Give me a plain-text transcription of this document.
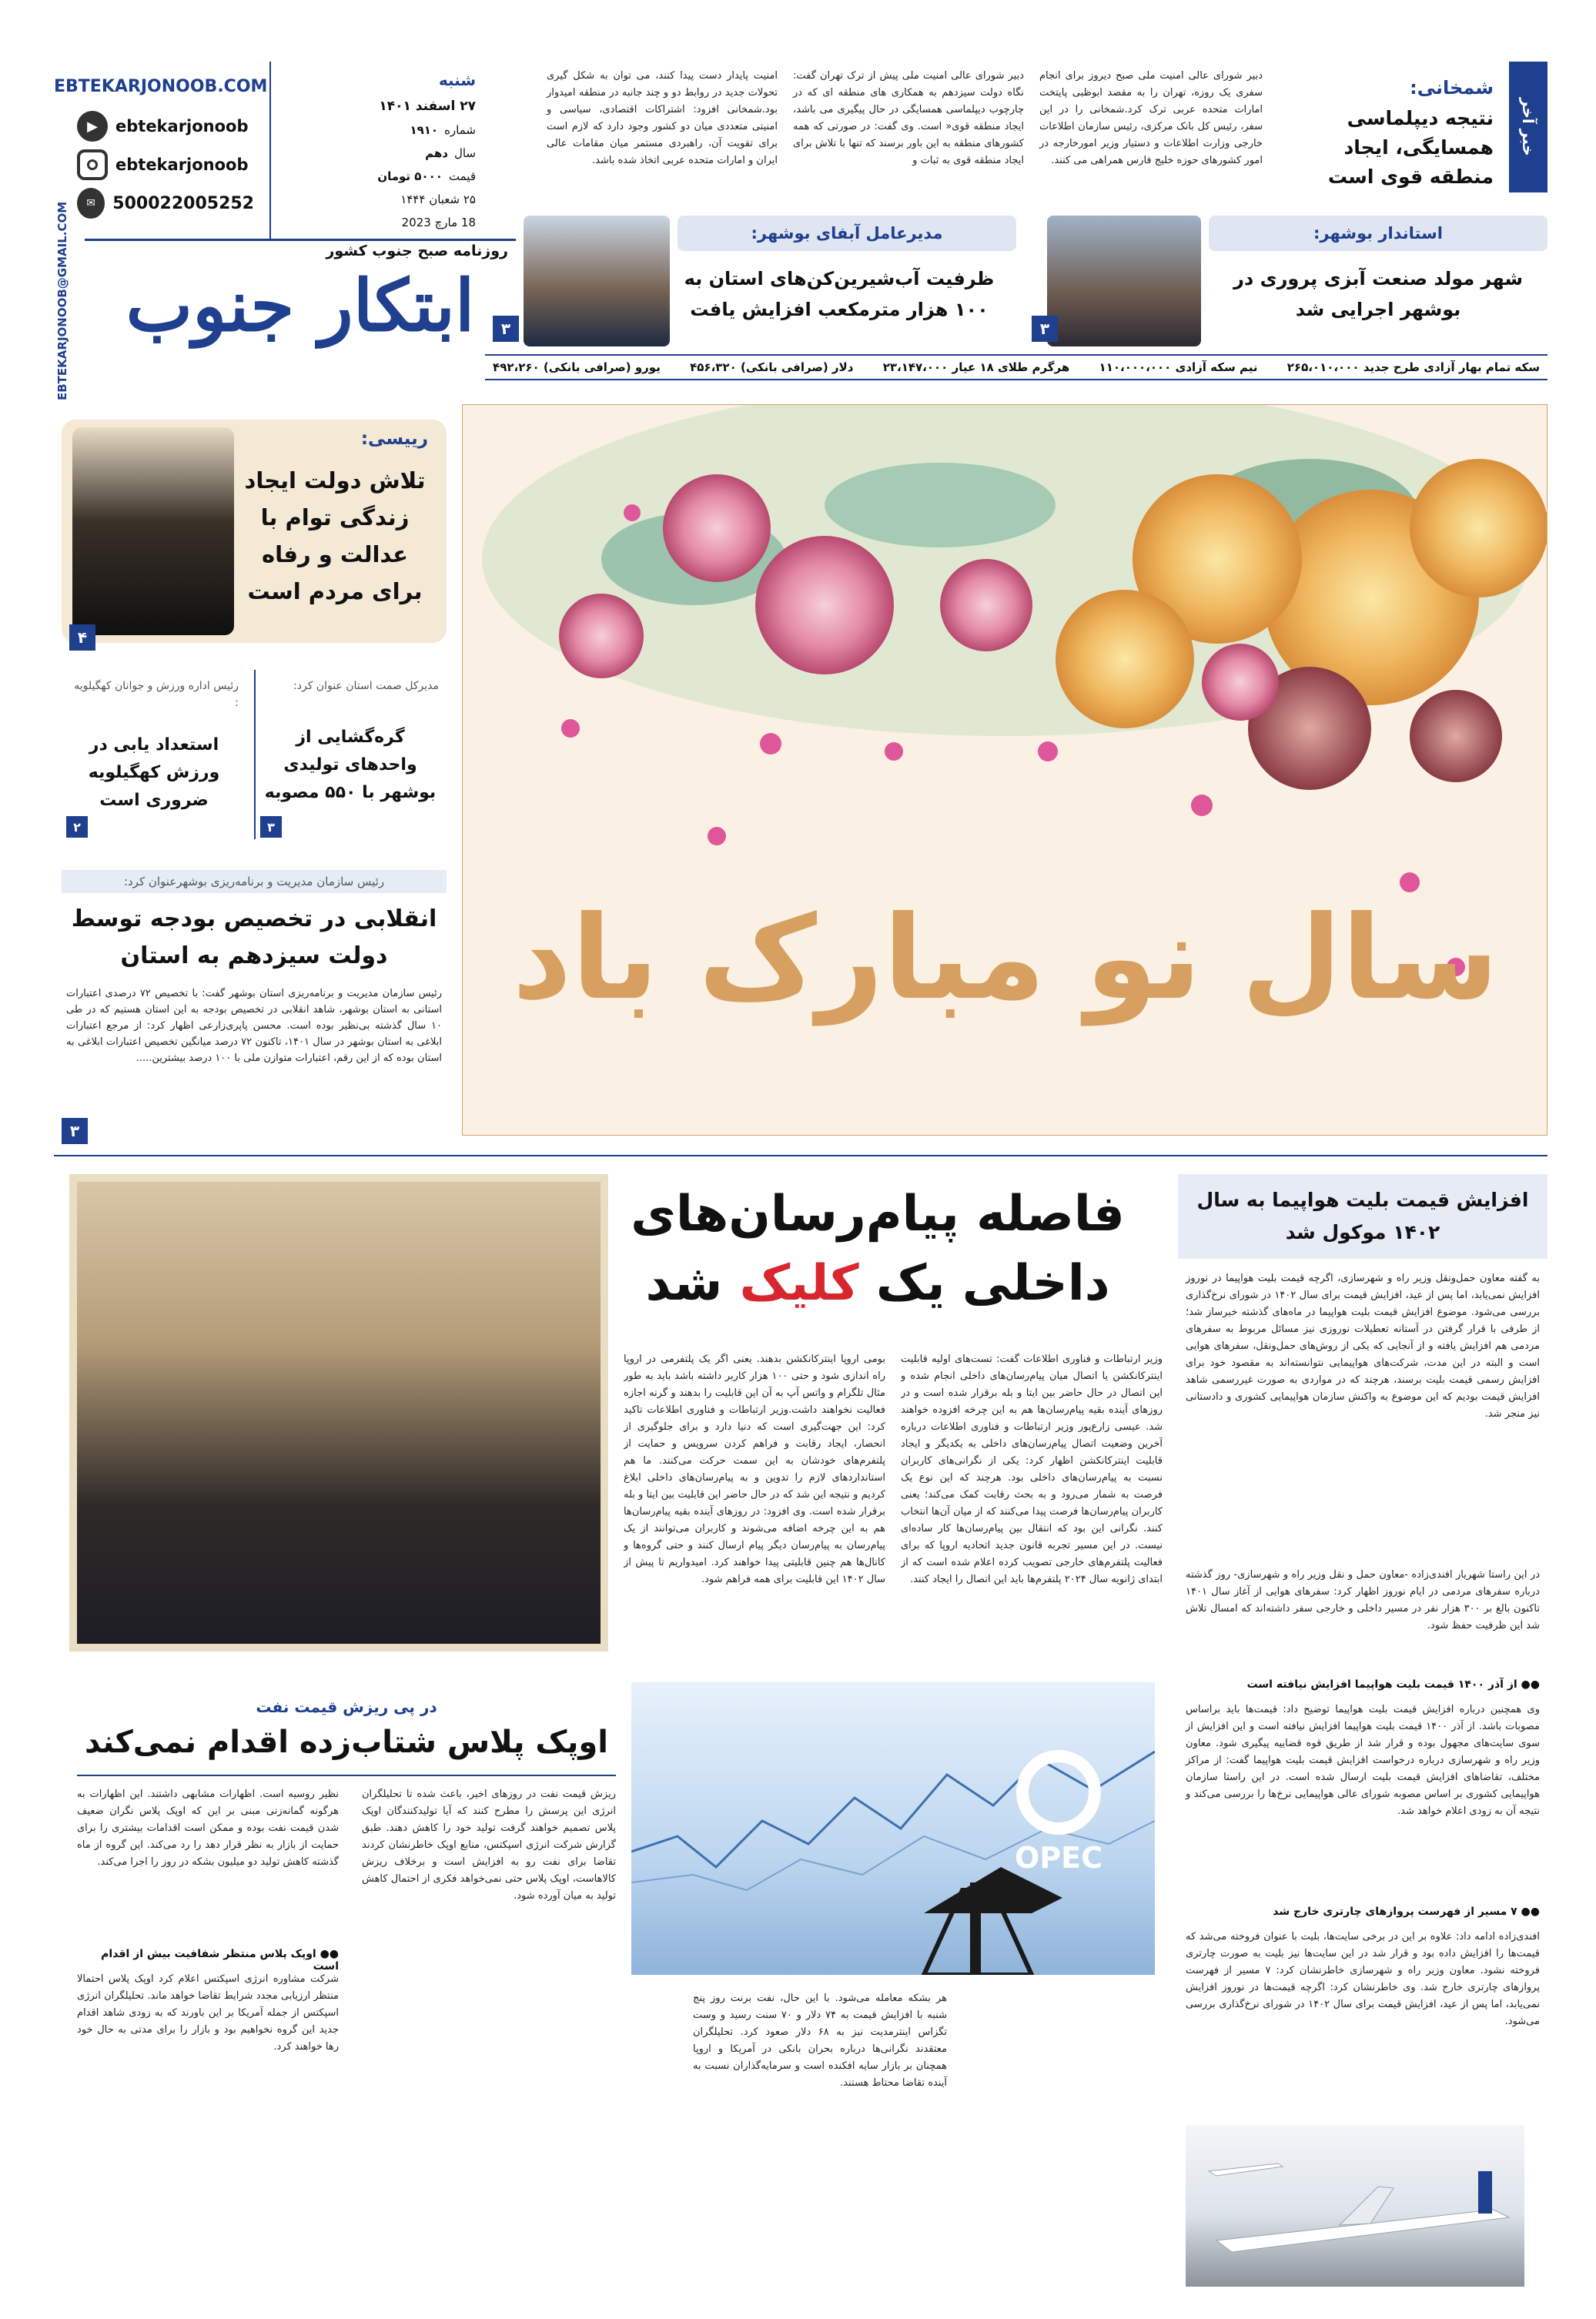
EBTEKARJONOOB.COM
▶	ebtekarjonoob
ebtekarjonoob
✉	500022005252
شنبه
۲۷ اسفند ۱۴۰۱
شماره
۱۹۱۰
سال
دهم
قیمت
۵۰۰۰ تومان
۲۵ شعبان ۱۴۴۴
18 مارچ 2023
ابتکار جنوب
روزنامه صبح جنوب کشور
EBTEKARJONOOB@GMAIL.COM
خبر آخر
شمخانی:
نتیجه دیپلماسی همسایگی، ایجاد منطقه قوی است
دبیر شورای عالی امنیت ملی صبح دیروز برای انجام سفری یک روزه، تهران را به مقصد ابوظبی پایتخت امارات متحده عربی ترک کرد.شمخانی را در این سفر، رئیس کل بانک مرکزی، رئیس سازمان اطلاعات خارجی وزارت اطلاعات و دستیار وزیر امورخارجه در امور کشورهای حوزه خلیج فارس همراهی می کنند.
دبیر شورای عالی امنیت ملی پیش از ترک تهران گفت: نگاه دولت سیزدهم به همکاری های منطقه ای که در چارچوب دیپلماسی همسایگی در حال پیگیری می باشد، ایجاد منطقه قوی« است. وی گفت: در صورتی که همه کشورهای منطقه به این باور برسند که تنها با تلاش برای ایجاد منطقه قوی به ثبات و
امنیت پایدار دست پیدا کنند، می توان به شکل گیری تحولات جدید در روابط دو و چند جانبه در منطقه امیدوار بود.شمخانی افزود: اشتراکات اقتصادی، سیاسی و امنیتی متعددی میان دو کشور وجود دارد که لازم است برای تقویت آن، راهبردی مستمر میان مقامات عالی ایران و امارات متحده عربی اتخاذ شده باشد.
استاندار بوشهر:
شهر مولد صنعت آبزی پروری در بوشهر اجرایی شد
۳
مدیرعامل آبفای بوشهر:
ظرفیت آب‌شیرین‌کن‌های استان به ۱۰۰ هزار مترمکعب افزایش یافت
۳
سکه تمام بهار آزادی طرح جدید ۲۶۵،۰۱۰،۰۰۰
نیم سکه آزادی ۱۱۰،۰۰۰،۰۰۰
هرگرم طلای ۱۸ عیار ۲۳،۱۴۷،۰۰۰
دلار (صرافی بانکی) ۴۵۶،۳۲۰
یورو (صرافی بانکی) ۴۹۲،۲۶۰
رییسی:
تلاش دولت ایجاد زندگی توام با عدالت و رفاه برای مردم است
۴
مدیرکل صمت استان عنوان کرد:
گره‌گشایی از واحدهای تولیدی بوشهر با ۵۵۰ مصوبه
۳
رئیس اداره ورزش و جوانان کهگیلویه :
استعداد یابی در ورزش کهگیلویه ضروری است
۲
رئیس سازمان مدیریت و برنامه‌ریزی بوشهرعنوان کرد:
انقلابی در تخصیص بودجه توسط دولت سیزدهم به استان
رئیس سازمان مدیریت و برنامه‌ریزی استان بوشهر گفت: با تخصیص ۷۲ درصدی اعتبارات استانی به استان بوشهر، شاهد انقلابی در تخصیص بودجه به این استان هستیم که در طی ۱۰ سال گذشته بی‌نظیر بوده است. محسن پاپری‌زارعی اظهار کرد: از مرجع اعتبارات ابلاغی به استان بوشهر در سال ۱۴۰۱، تاکنون ۷۲ درصد میانگین تخصیص اعتبارات ابلاغی به استان بوده که از این رقم، اعتبارات متوازن ملی با ۱۰۰ درصد بیشترین.....
۳
سال نو مبارک باد
فاصله پیام‌رسان‌های
داخلی یک کلیک شد
وزیر ارتباطات و فناوری اطلاعات گفت: تست‌های اولیه قابلیت اینترکانکشن یا اتصال میان پیام‌رسان‌های داخلی انجام شده و این اتصال در حال حاضر بین ایتا و بله برقرار شده است و در روزهای آینده بقیه پیام‌رسان‌ها هم به این چرخه افزوده خواهند شد. عیسی زارع‌پور وزیر ارتباطات و فناوری اطلاعات درباره آخرین وضعیت اتصال پیام‌رسان‌های داخلی به یکدیگر و ایجاد قابلیت اینترکانکشن اظهار کرد: یکی از نگرانی‌های کاربران نسبت به پیام‌رسان‌های داخلی بود. هرچند که این نوع یک فرصت به شمار می‌رود و به بحث رقابت کمک می‌کند؛ یعنی کاربران پیام‌رسان‌ها فرصت پیدا می‌کنند که از میان آن‌ها انتخاب کنند. نگرانی این بود که انتقال بین پیام‌رسان‌ها کار ساده‌ای نیست. در این مسیر تجربه قانون جدید اتحادیه اروپا که برای فعالیت پلتفرم‌های خارجی تصویب کرده اعلام شده است که از ابتدای ژانویه سال ۲۰۲۴ پلتفرم‌ها باید این اتصال را ایجاد کنند.
بومی اروپا اینترکانکشن بدهند. یعنی اگر یک پلتفرمی در اروپا راه اندازی شود و حتی ۱۰۰ هزار کاربر داشته باشد باید به طور مثال تلگرام و واتس آپ به آن این قابلیت را بدهند و گرنه اجازه فعالیت نخواهند داشت.وزیر ارتباطات و فناوری اطلاعات تاکید کرد: این جهت‌گیری است که دنیا دارد و برای جلوگیری از انحصار، ایجاد رقابت و فراهم کردن سرویس و حمایت از پلتفرم‌های خودشان به این سمت حرکت می‌کنند. ما هم استانداردهای لازم را تدوین و به پیام‌رسان‌های داخلی ابلاغ کردیم و نتیجه این شد که در حال حاضر این قابلیت بین ایتا و بله برقرار شده است. وی افزود: در روزهای آینده بقیه پیام‌رسان‌ها هم به این چرخه اضافه می‌شوند و کاربران می‌توانند از یک پیام‌رسان به پیام‌رسان دیگر پیام ارسال کنند و حتی گروه‌ها و کانال‌ها هم چنین قابلیتی پیدا خواهند کرد. امیدواریم تا پیش از سال ۱۴۰۲ این قابلیت برای همه فراهم شود.
افزایش قیمت بلیت هواپیما به سال ۱۴۰۲ موکول شد
به گفته معاون حمل‌ونقل وزیر راه و شهرسازی، اگرچه قیمت بلیت هواپیما در نوروز افزایش نمی‌یابد، اما پس از عید، افزایش قیمت برای سال ۱۴۰۲ در شورای نرخ‌گذاری بررسی می‌شود. موضوع افزایش قیمت بلیت هواپیما در ماه‌های گذشته خبرساز شد؛ از طرفی با قرار گرفتن در آستانه تعطیلات نوروزی نیز مسائل مربوط به سفرهای مردمی هم افزایش یافته و از آنجایی که یکی از روش‌های حمل‌ونقل، سفرهای هوایی است و البته در این مدت، شرکت‌های هواپیمایی نتوانسته‌اند به مقصود خود برای افزایش رسمی قیمت بلیت برسند، هرچند که در مواردی به صورت غیررسمی شاهد افزایش قیمت بودیم که این موضوع به واکنش سازمان هواپیمایی کشوری و دادستانی نیز منجر شد.
در این راستا شهریار افندی‌زاده -معاون حمل و نقل وزیر راه و شهرسازی- روز گذشته درباره سفرهای مردمی در ایام نوروز اظهار کرد: سفرهای هوایی از آغاز سال ۱۴۰۱ تاکنون بالغ بر ۳۰۰ هزار نفر در مسیر داخلی و خارجی سفر داشته‌اند که امسال تلاش شد این ظرفیت حفظ شود.
●● از آذر ۱۴۰۰ قیمت بلیت هواپیما افزایش نیافته است
وی همچنین درباره افزایش قیمت بلیت هواپیما توضیح داد: قیمت‌ها باید براساس مصوبات باشد. از آذر ۱۴۰۰ قیمت بلیت هواپیما افزایش نیافته است و این افزایش از سوی سایت‌های مجهول بوده و قرار شد از طریق قوه قضاییه پیگیری شود. معاون وزیر راه و شهرسازی درباره درخواست افزایش قیمت بلیت هواپیما گفت: از مراکز مختلف، تقاضاهای افزایش قیمت بلیت ارسال شده است. در این راستا سازمان هواپیمایی کشوری بر اساس مصوبه شورای عالی هواپیمایی نرخ‌ها را بررسی می‌کند و نتیجه آن به زودی اعلام خواهد شد.
●● ۷ مسیر از فهرست پروازهای چارتری خارج شد
افندی‌زاده ادامه داد: علاوه بر این در برخی سایت‌ها، بلیت با عنوان فروخته می‌شد که قیمت‌ها را افزایش داده بود و قرار شد در این سایت‌ها نیز بلیت به صورت چارتری فروخته نشود. معاون وزیر راه و شهرسازی خاطرنشان کرد: ۷ مسیر از فهرست پروازهای چارتری خارج شد. وی خاطرنشان کرد: اگرچه قیمت‌ها در نوروز افزایش نمی‌یابد، اما پس از عید، افزایش قیمت برای سال ۱۴۰۲ در شورای نرخ‌گذاری بررسی می‌شود.
OPEC
در پی ریزش قیمت نفت
اوپک پلاس شتاب‌زده اقدام نمی‌کند
ریزش قیمت نفت در روزهای اخیر، باعث شده تا تحلیلگران انرژی این پرسش را مطرح کنند که آیا تولیدکنندگان اوپک پلاس تصمیم خواهند گرفت تولید خود را کاهش دهند. طبق گزارش شرکت انرژی اسپکتس، منابع اوپک خاطرنشان کردند تقاضا برای نفت رو به افزایش است و برخلاف ریزش کالاهاست، اوپک پلاس حتی نمی‌خواهد فکری از احتمال کاهش تولید به میان آورده شود.
نظیر روسیه است. اظهارات مشابهی داشتند. این اظهارات به هرگونه گمانه‌زنی مبنی بر این که اوپک پلاس نگران ضعیف شدن قیمت نفت بوده و ممکن است اقدامات بیشتری را برای حمایت از بازار به نظر قرار دهد را رد می‌کند. این گروه از ماه گذشته کاهش تولید دو میلیون بشکه در روز را اجرا می‌کند.
●● اوپک پلاس منتظر شفافیت بیش از اقدام است
شرکت مشاوره انرژی اسپکتس اعلام کرد اوپک پلاس احتمالا منتظر ارزیابی مجدد شرایط تقاضا خواهد ماند. تحلیلگران انرژی اسپکتس از جمله آمریکا بر این باورند که به زودی شاهد اقدام جدید این گروه نخواهیم بود و بازار را برای مدتی به حال خود رها خواهند کرد.
هر بشکه معامله می‌شود. با این حال، نفت برنت روز پنج شنبه با افزایش قیمت به ۷۴ دلار و ۷۰ سنت رسید و وست تگزاس اینترمدیت نیز به ۶۸ دلار صعود کرد. تحلیلگران معتقدند نگرانی‌ها درباره بحران بانکی در آمریکا و اروپا همچنان بر بازار سایه افکنده است و سرمایه‌گذاران نسبت به آینده تقاضا محتاط هستند.
